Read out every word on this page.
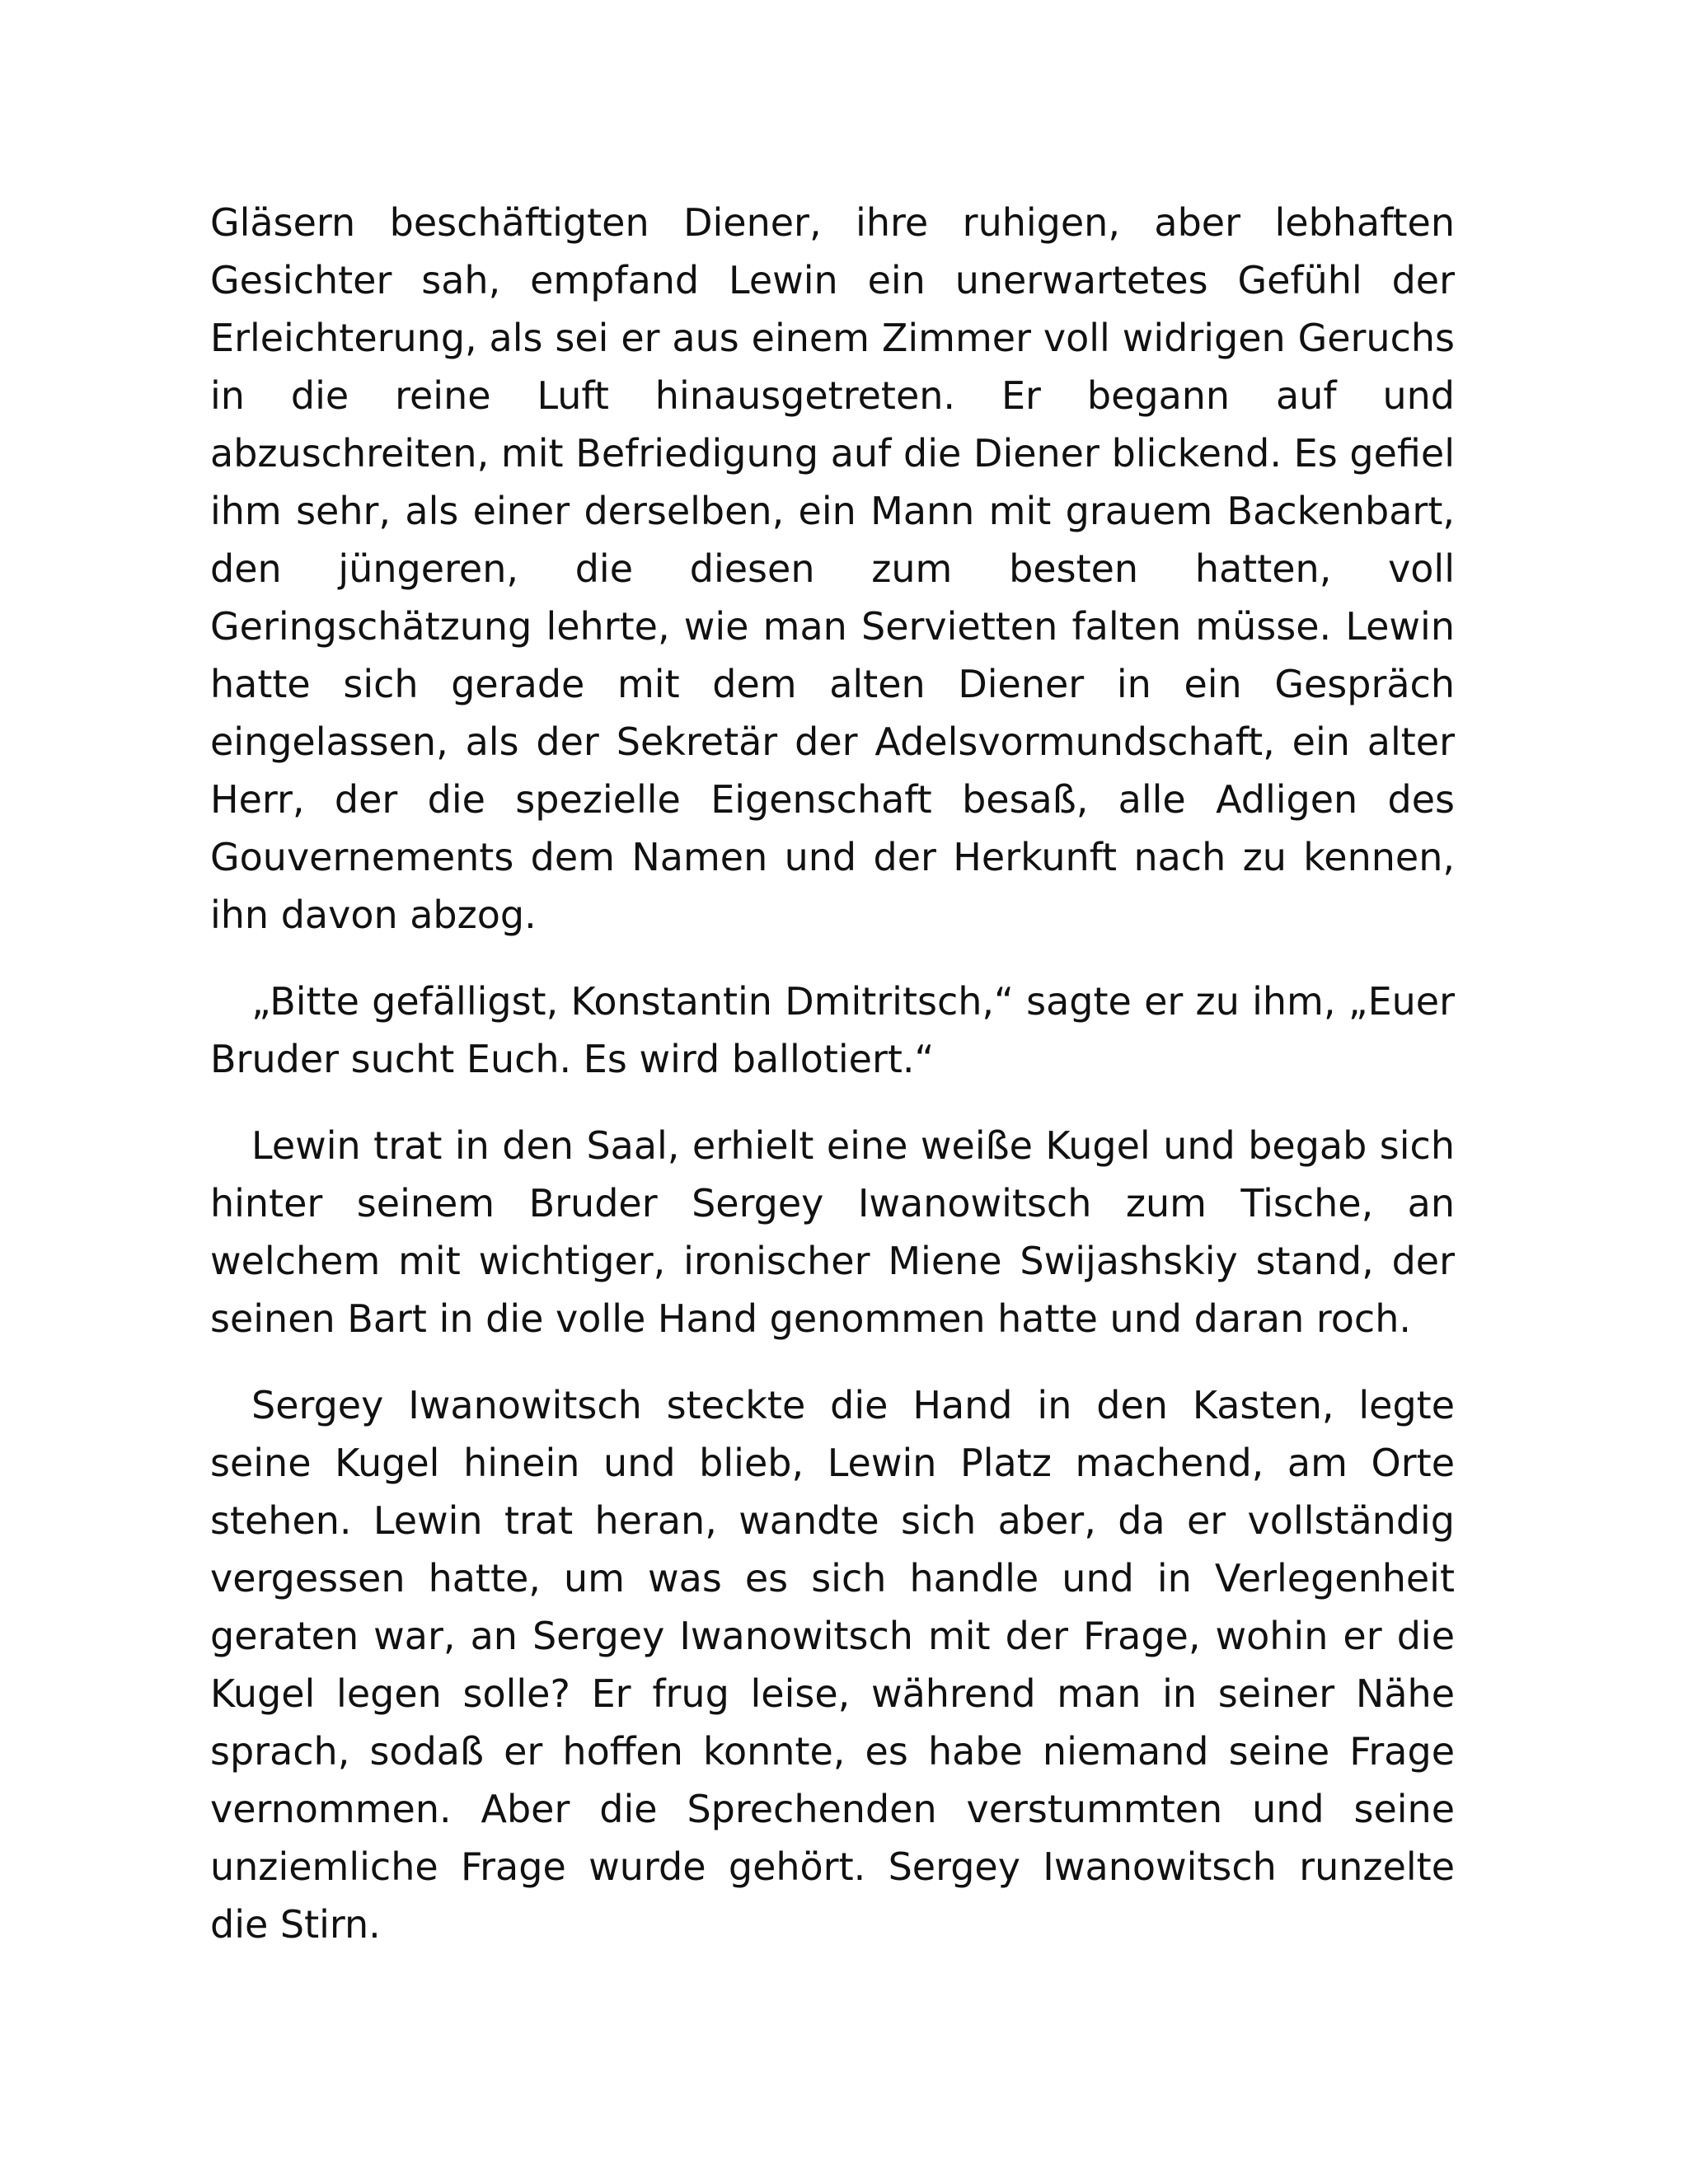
Gläsern beschäftigten Diener, ihre ruhigen, aber lebhaften Gesichter sah, empfand Lewin ein unerwartetes Gefühl der Erleichterung, als sei er aus einem Zimmer voll widrigen Geruchs in die reine Luft hinausgetreten. Er begann auf und abzuschreiten, mit Befriedigung auf die Diener blickend. Es gefiel ihm sehr, als einer derselben, ein Mann mit grauem Backenbart, den jüngeren, die diesen zum besten hatten, voll Geringschätzung lehrte, wie man Servietten falten müsse. Lewin hatte sich gerade mit dem alten Diener in ein Gespräch eingelassen, als der Sekretär der Adelsvormundschaft, ein alter Herr, der die spezielle Eigenschaft besaß, alle Adligen des Gouvernements dem Namen und der Herkunft nach zu kennen, ihn davon abzog.

„Bitte gefälligst, Konstantin Dmitritsch,“ sagte er zu ihm, „Euer Bruder sucht Euch. Es wird ballotiert.“

Lewin trat in den Saal, erhielt eine weiße Kugel und begab sich hinter seinem Bruder Sergey Iwanowitsch zum Tische, an welchem mit wichtiger, ironischer Miene Swijashskiy stand, der seinen Bart in die volle Hand genommen hatte und daran roch.

Sergey Iwanowitsch steckte die Hand in den Kasten, legte seine Kugel hinein und blieb, Lewin Platz machend, am Orte stehen. Lewin trat heran, wandte sich aber, da er vollständig vergessen hatte, um was es sich handle und in Verlegenheit geraten war, an Sergey Iwanowitsch mit der Frage, wohin er die Kugel legen solle? Er frug leise, während man in seiner Nähe sprach, sodaß er hoffen konnte, es habe niemand seine Frage vernommen. Aber die Sprechenden verstummten und seine unziemliche Frage wurde gehört. Sergey Iwanowitsch runzelte die Stirn.
